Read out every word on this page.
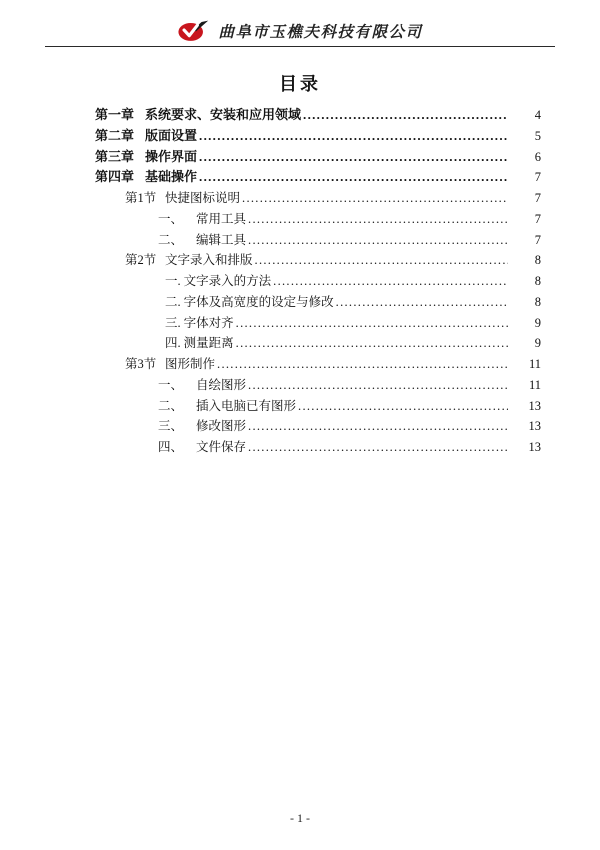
曲阜市玉樵夫科技有限公司
目录
第一章 系统要求、安装和应用领域 .....	4
第二章 版面设置 .....	5
第三章 操作界面 .....	6
第四章 基础操作 .....	7
第1节 快捷图标说明 .....	7
一、	常用工具 .....	7
二、	编辑工具 .....	7
第2节 文字录入和排版 .....	8
一. 文字录入的方法 .....	8
二. 字体及高宽度的设定与修改 .....	8
三. 字体对齐 .....	9
四. 测量距离 .....	9
第3节 图形制作 .....	11
一、	自绘图形 .....	11
二、	插入电脑已有图形 .....	13
三、	修改图形 .....	13
四、	文件保存 .....	13
- 1 -
